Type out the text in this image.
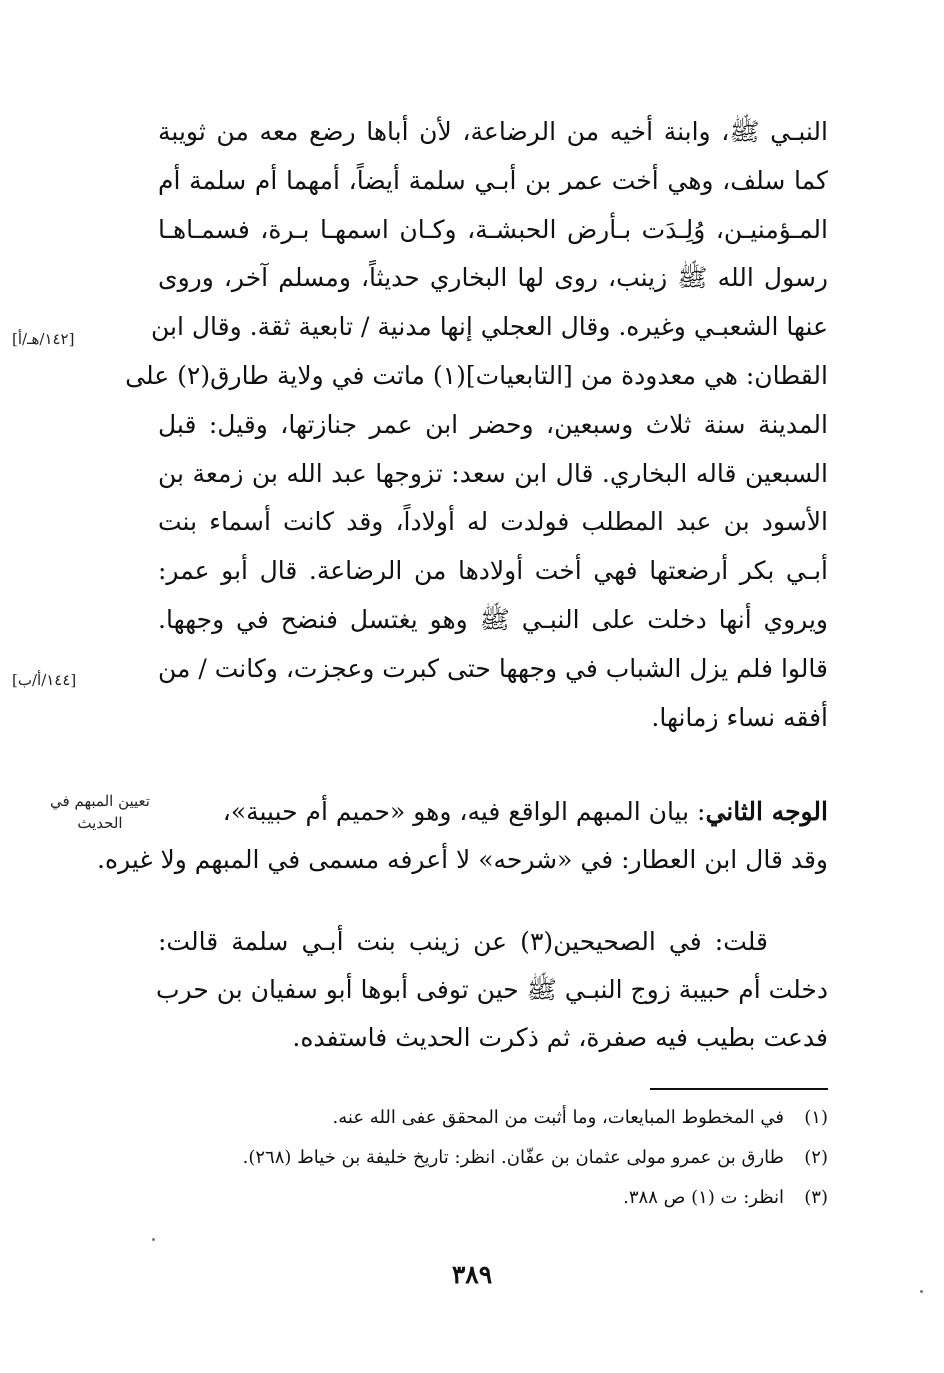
النبـي ﷺ، وابنة أخيه من الرضاعة، لأن أباها رضع معه من ثويبة
كما سلف، وهي أخت عمر بن أبـي سلمة أيضاً، أمهما أم سلمة أم
المـؤمنيـن، وُلِـدَت بـأرض الحبشـة، وكـان اسمهـا بـرة، فسمـاهـا
رسول الله ﷺ زينب، روى لها البخاري حديثاً، ومسلم آخر، وروى
عنها الشعبـي وغيره. وقال العجلي إنها مدنية / تابعية ثقة. وقال ابن
القطان: هي معدودة من [التابعيات](١) ماتت في ولاية طارق(٢) على
المدينة سنة ثلاث وسبعين، وحضر ابن عمر جنازتها، وقيل: قبل
السبعين قاله البخاري. قال ابن سعد: تزوجها عبد الله بن زمعة بن
الأسود بن عبد المطلب فولدت له أولاداً، وقد كانت أسماء بنت
أبـي بكر أرضعتها فهي أخت أولادها من الرضاعة. قال أبو عمر:
ويروي أنها دخلت على النبـي ﷺ وهو يغتسل فنضح في وجهها.
قالوا فلم يزل الشباب في وجهها حتى كبرت وعجزت، وكانت / من
أفقه نساء زمانها.
[١٤٢/هـ/أ]
[١٤٤/أ/ب]
تعيين المبهم في الحديث	الوجه الثاني: بيان المبهم الواقع فيه، وهو «حميم أم حبيبة»،
وقد قال ابن العطار: في «شرحه» لا أعرفه مسمى في المبهم ولا غيره.
قلت: في الصحيحين(٣) عن زينب بنت أبـي سلمة قالت:
دخلت أم حبيبة زوج النبـي ﷺ حين توفى أبوها أبو سفيان بن حرب
فدعت بطيب فيه صفرة، ثم ذكرت الحديث فاستفده.
(١)في المخطوط المبايعات، وما أثبت من المحقق عفى الله عنه.
(٢)طارق بن عمرو مولى عثمان بن عفّان. انظر: تاريخ خليفة بن خياط (٢٦٨).
(٣)انظر: ت (١) ص ٣٨٨.
٣٨٩
